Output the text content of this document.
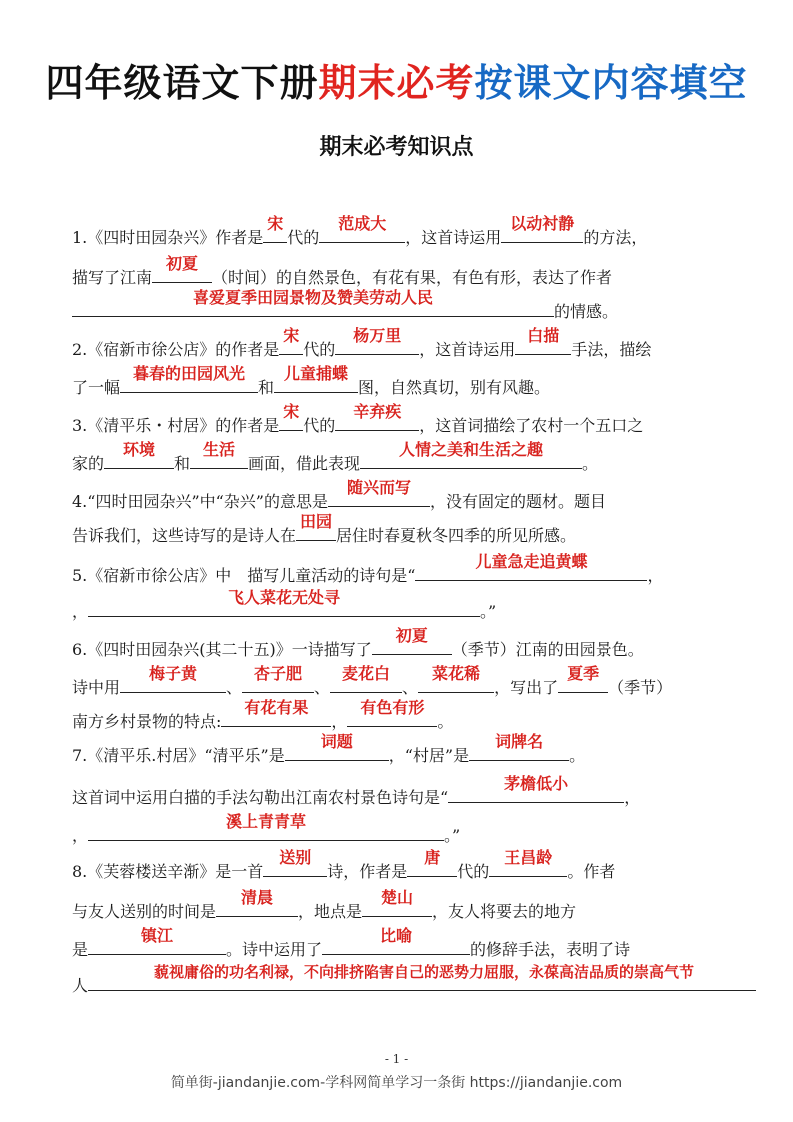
四年级语文下册期末必考按课文内容填空
期末必考知识点
1.《四时田园杂兴》作者是
宋
代的
范成大
，这首诗运用
以动衬静
的方法，
描写了江南
初夏
（时间）的自然景色，有花有果，有色有形，表达了作者
喜爱夏季田园景物及赞美劳动人民
的情感。
2.《宿新市徐公店》的作者是
宋
代的
杨万里
，这首诗运用
白描
手法，描绘
了一幅
暮春的田园风光
和
儿童捕蝶
图，自然真切，别有风趣。
3.《清平乐・村居》的作者是
宋
代的
辛弃疾
，这首词描绘了农村一个五口之
家的
环境
和
生活
画面，借此表现
人情之美和生活之趣
。
4.“四时田园杂兴”中“杂兴”的意思是
随兴而写
，没有固定的题材。题目
告诉我们，这些诗写的是诗人在
田园
居住时春夏秋冬四季的所见所感。
5.《宿新市徐公店》中　描写儿童活动的诗句是“
儿童急走追黄蝶
，
，
飞人菜花无处寻
。”
6.《四时田园杂兴(其二十五)》一诗描写了
初夏
（季节）江南的田园景色。
诗中用
梅子黄
、
杏子肥
、
麦花白
、
菜花稀
，写出了
夏季
（季节）
南方乡村景物的特点:
有花有果
，
有色有形
。
7.《清平乐.村居》“清平乐”是
词题
，“村居”是
词牌名
。
这首词中运用白描的手法勾勒出江南农村景色诗句是“
茅檐低小
，
，
溪上青青草
。”
8.《芙蓉楼送辛渐》是一首
送别
诗，作者是
唐
代的
王昌龄
。作者
与友人送别的时间是
清晨
，地点是
楚山
，友人将要去的地方
是
镇江
。诗中运用了
比喻
的修辞手法，表明了诗
人
藐视庸俗的功名利禄，不向排挤陷害自己的恶势力屈服，永葆高洁品质的崇高气节
- 1 -
简单街-jiandanjie.com-学科网简单学习一条街 https://jiandanjie.com
